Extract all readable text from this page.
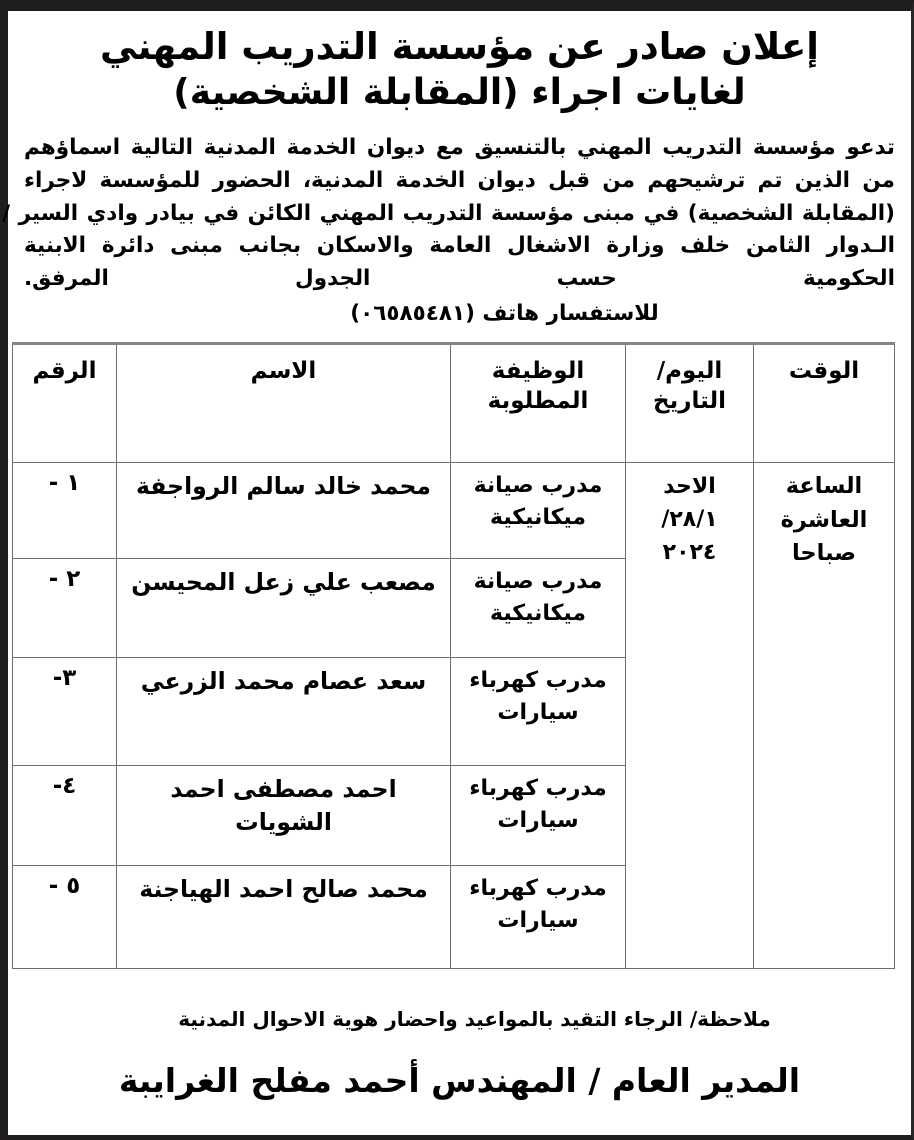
إعلان صادر عن مؤسسة التدريب المهني
لغايات اجراء (المقابلة الشخصية)
تدعو مؤسسة التدريب المهني بالتنسيق مع ديوان الخدمة المدنية التالية اسماؤهم
من الذين تم ترشيحهم من قبل ديوان الخدمة المدنية، الحضور للمؤسسة لاجراء
(المقابلة الشخصية) في مبنى مؤسسة التدريب المهني الكائن في بيادر وادي السير /
الـدوار الثامن خلف وزارة الاشغال العامة والاسكان بجانب مبنى دائرة الابنية
الحكومية حسب الجدول المرفق.
للاستفسار هاتف (٠٦٥٨٥٤٨١)
الوقت	اليوم/ التاريخ	الوظيفة المطلوبة	الاسم	الرقم
الساعة العاشرة صباحا	الاحد ٢٨/١/ ٢٠٢٤	مدرب صيانة ميكانيكية	محمد خالد سالم الرواجفة	١ -
		مدرب صيانة ميكانيكية	مصعب علي زعل المحيسن	٢ -
		مدرب كهرباء سيارات	سعد عصام محمد الزرعي	٣-
		مدرب كهرباء سيارات	احمد مصطفى احمد الشويات	٤-
		مدرب كهرباء سيارات	محمد صالح احمد الهياجنة	٥ -
ملاحظة/ الرجاء التقيد بالمواعيد واحضار هوية الاحوال المدنية
المدير العام / المهندس أحمد مفلح الغرايبة
